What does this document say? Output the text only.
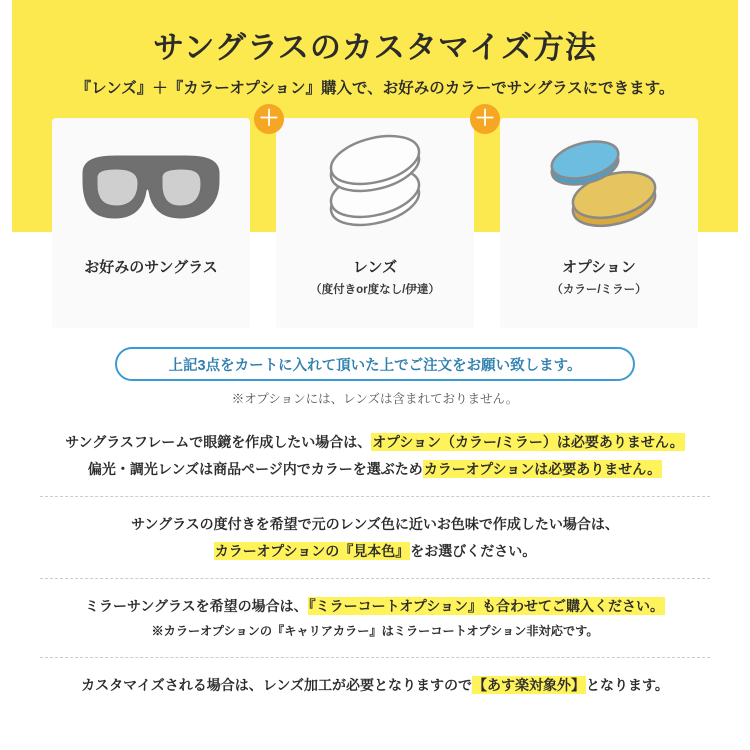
サングラスのカスタマイズ方法
『レンズ』＋『カラーオプション』購入で、お好みのカラーでサングラスにできます。
お好みのサングラス	レンズ
（度付きor度なし/伊達）
オプション
（カラー/ミラー）
＋	＋
上記3点をカートに入れて頂いた上でご注文をお願い致します。
※オプションには、レンズは含まれておりません。
サングラスフレームで眼鏡を作成したい場合は、オプション（カラー/ミラー）は必要ありません。
偏光・調光レンズは商品ページ内でカラーを選ぶためカラーオプションは必要ありません。
サングラスの度付きを希望で元のレンズ色に近いお色味で作成したい場合は、
カラーオプションの『見本色』をお選びください。
ミラーサングラスを希望の場合は、『ミラーコートオプション』も合わせてご購入ください。
※カラーオプションの『キャリアカラー』はミラーコートオプション非対応です。
カスタマイズされる場合は、レンズ加工が必要となりますので【あす楽対象外】となります。
